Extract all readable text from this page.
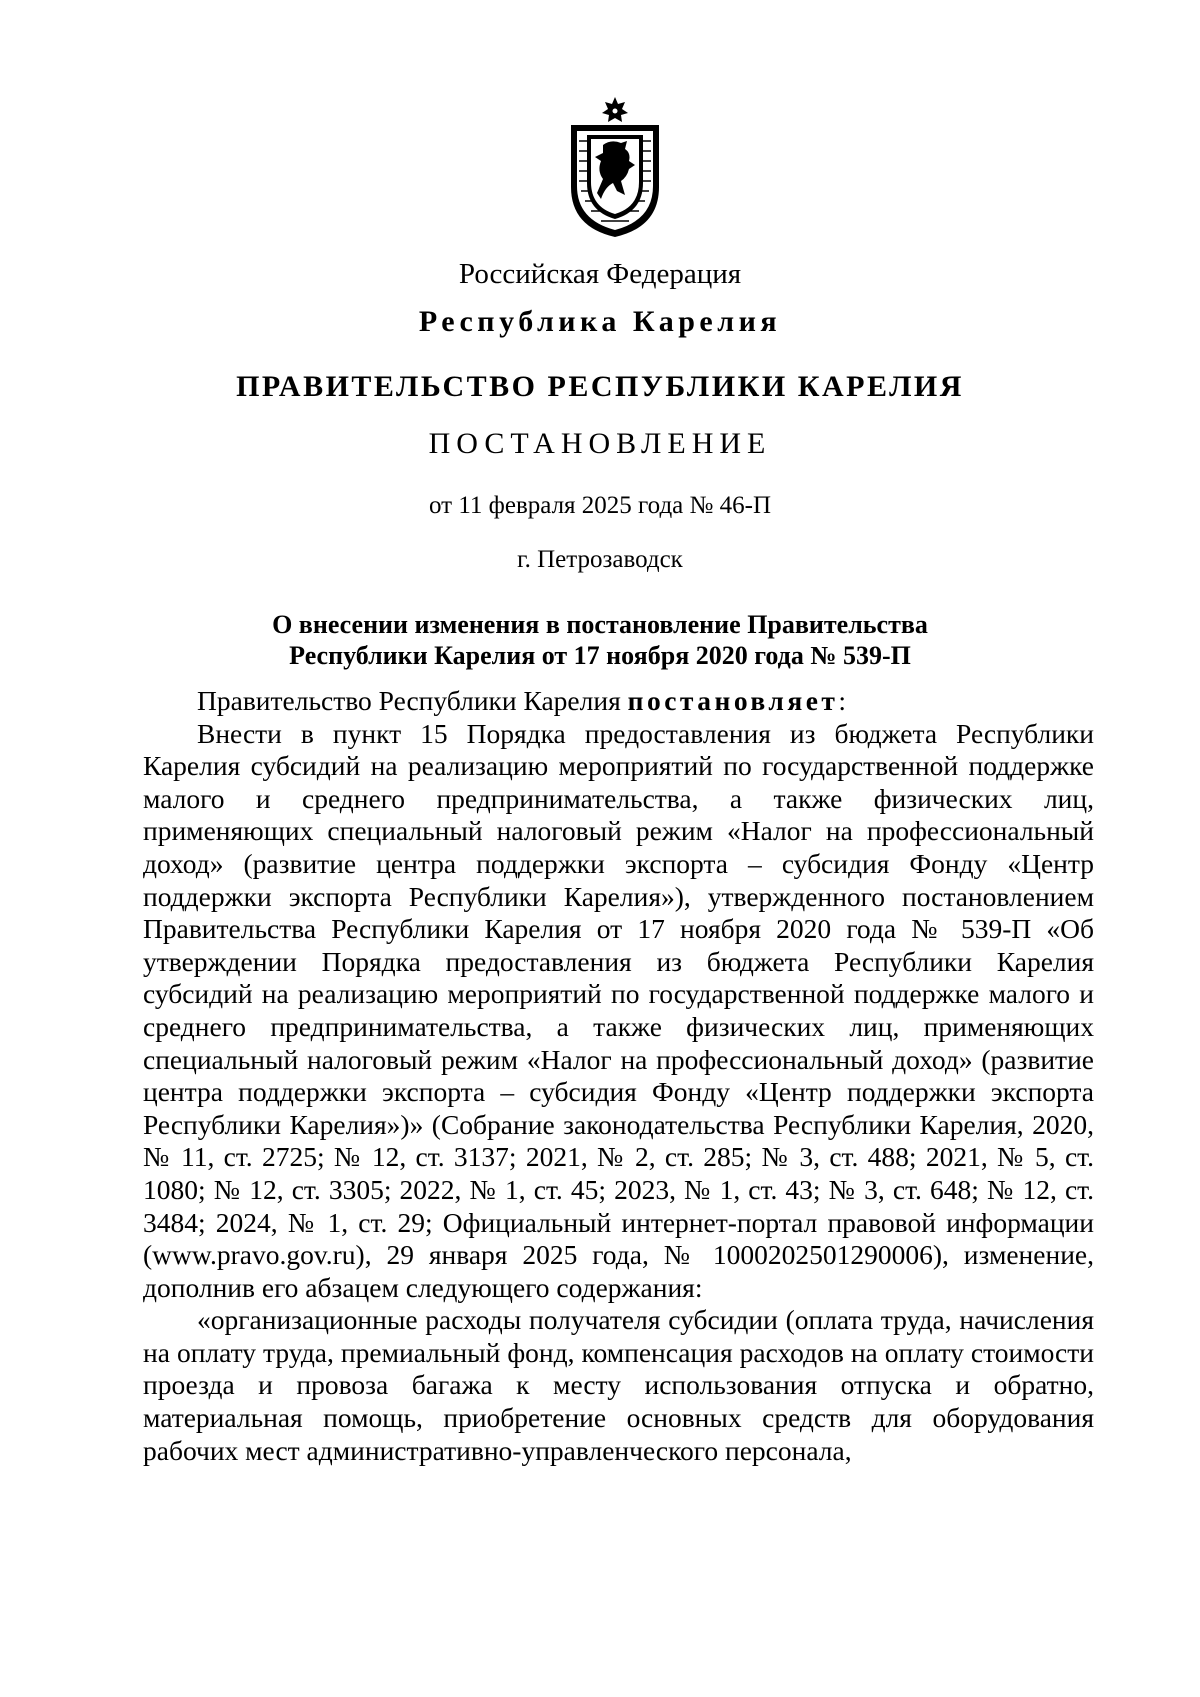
Российская Федерация
Республика Карелия
ПРАВИТЕЛЬСТВО РЕСПУБЛИКИ КАРЕЛИЯ
ПОСТАНОВЛЕНИЕ
от 11 февраля 2025 года № 46-П
г. Петрозаводск
О внесении изменения в постановление Правительства
Республики Карелия от 17 ноября 2020 года № 539-П

Правительство Республики Карелия постановляет:

Внести в пункт 15 Порядка предоставления из бюджета Республики Карелия субсидий на реализацию мероприятий по государственной поддержке малого и среднего предпринимательства, а также физических лиц, применяющих специальный налоговый режим «Налог на профессиональный доход» (развитие центра поддержки экспорта – субсидия Фонду «Центр поддержки экспорта Республики Карелия»), утвержденного постановлением Правительства Республики Карелия от 17 ноября 2020 года № 539-П «Об утверждении Порядка предоставления из бюджета Республики Карелия субсидий на реализацию мероприятий по государственной поддержке малого и среднего предпринимательства, а также физических лиц, применяющих специальный налоговый режим «Налог на профессиональный доход» (развитие центра поддержки экспорта – субсидия Фонду «Центр поддержки экспорта Республики Карелия»)» (Собрание законодательства Республики Карелия, 2020, № 11, ст. 2725; № 12, ст. 3137; 2021, № 2, ст. 285; № 3, ст. 488; 2021, № 5, ст. 1080; № 12, ст. 3305; 2022, № 1, ст. 45; 2023, № 1, ст. 43; № 3, ст. 648; № 12, ст. 3484; 2024, № 1, ст. 29; Официальный интернет-портал правовой информации (www.pravo.gov.ru), 29 января 2025 года, № 1000202501290006), изменение, дополнив его абзацем следующего содержания:

«организационные расходы получателя субсидии (оплата труда, начисления на оплату труда, премиальный фонд, компенсация расходов на оплату стоимости проезда и провоза багажа к месту использования отпуска и обратно, материальная помощь, приобретение основных средств для оборудования рабочих мест административно-управленческого персонала,
